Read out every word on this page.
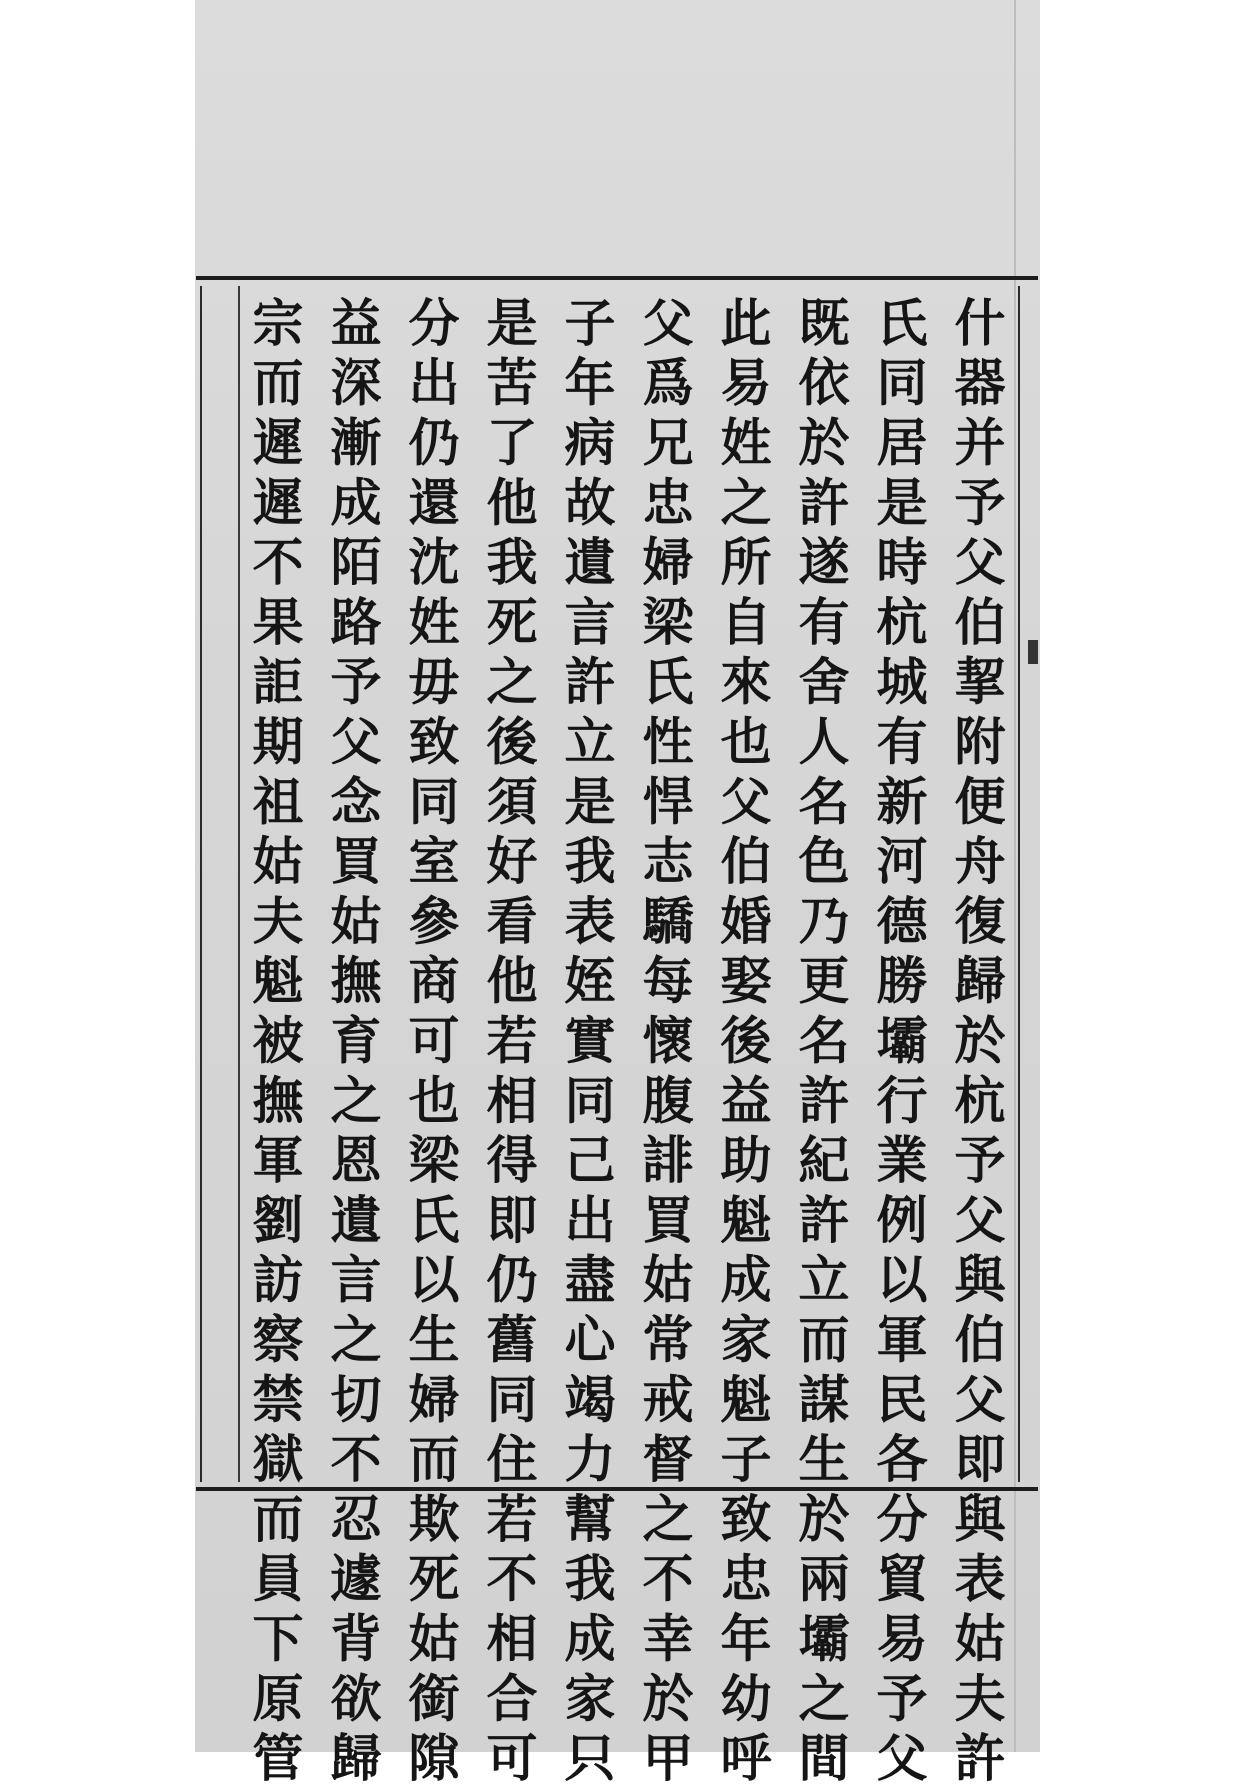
什器并予父伯挈附便舟復歸於杭予父與伯父即與表姑夫許
氏同居是時杭城有新河德勝壩行業例以軍民各分貿易予父
既依於許遂有舍人名色乃更名許紀許立而謀生於兩壩之間
此易姓之所自來也父伯婚娶後益助魁成家魁子致忠年幼呼
父爲兄忠婦梁氏性悍志驕每懷腹誹買姑常戒督之不幸於甲
子年病故遺言許立是我表姪實同己出盡心竭力幫我成家只
是苦了他我死之後須好看他若相得即仍舊同住若不相合可
分出仍還沈姓毋致同室參商可也梁氏以生婦而欺死姑銜隙
益深漸成陌路予父念買姑撫育之恩遺言之切不忍遽背欲歸
宗而遲遲不果詎期祖姑夫魁被撫軍劉訪察禁獄而員下原管
